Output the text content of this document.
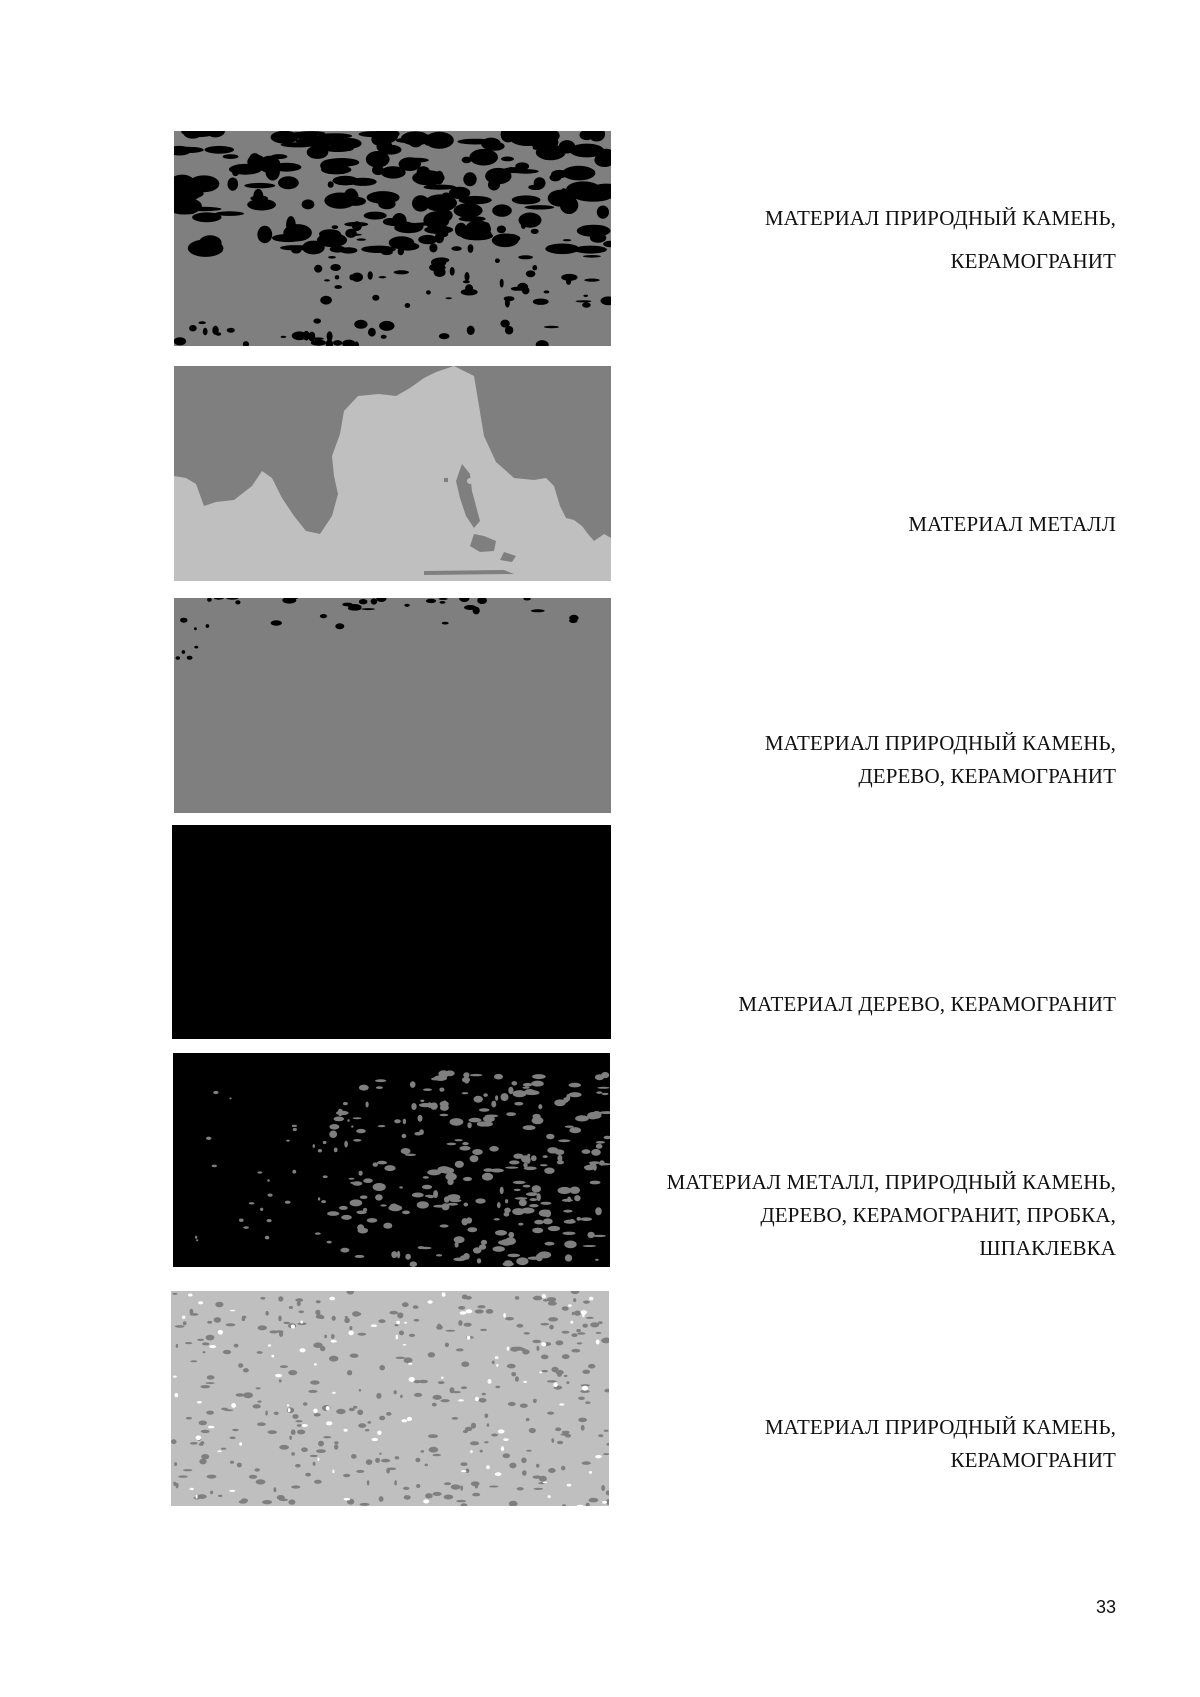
МАТЕРИАЛ ПРИРОДНЫЙ КАМЕНЬ,
КЕРАМОГРАНИТ
МАТЕРИАЛ МЕТАЛЛ
МАТЕРИАЛ ПРИРОДНЫЙ КАМЕНЬ,
ДЕРЕВО, КЕРАМОГРАНИТ
МАТЕРИАЛ ДЕРЕВО, КЕРАМОГРАНИТ
МАТЕРИАЛ МЕТАЛЛ, ПРИРОДНЫЙ КАМЕНЬ,
ДЕРЕВО, КЕРАМОГРАНИТ, ПРОБКА,
ШПАКЛЕВКА
МАТЕРИАЛ ПРИРОДНЫЙ КАМЕНЬ,
КЕРАМОГРАНИТ
33
